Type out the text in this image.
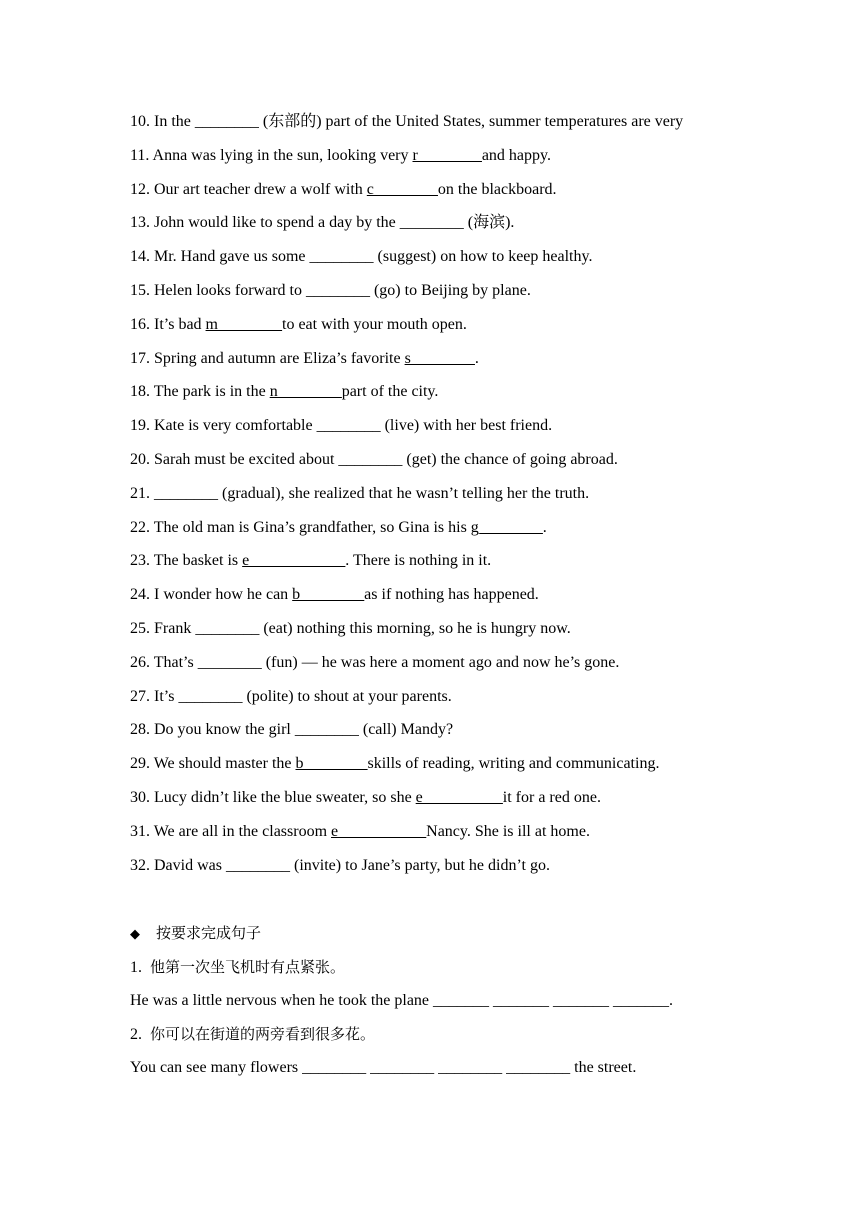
10. In the ________ (东部的) part of the United States, summer temperatures are very
11. Anna was lying in the sun, looking very r________and happy.
12. Our art teacher drew a wolf with c________on the blackboard.
13. John would like to spend a day by the ________ (海滨).
14. Mr. Hand gave us some ________ (suggest) on how to keep healthy.
15. Helen looks forward to ________ (go) to Beijing by plane.
16. It’s bad m________to eat with your mouth open.
17. Spring and autumn are Eliza’s favorite s________.
18. The park is in the n________part of the city.
19. Kate is very comfortable ________ (live) with her best friend.
20. Sarah must be excited about ________ (get) the chance of going abroad.
21. ________ (gradual), she realized that he wasn’t telling her the truth.
22. The old man is Gina’s grandfather, so Gina is his g________.
23. The basket is e____________. There is nothing in it.
24. I wonder how he can b________as if nothing has happened.
25. Frank ________ (eat) nothing this morning, so he is hungry now.
26. That’s ________ (fun) — he was here a moment ago and now he’s gone.
27. It’s ________ (polite) to shout at your parents.
28. Do you know the girl ________ (call) Mandy?
29. We should master the b________skills of reading, writing and communicating.
30. Lucy didn’t like the blue sweater, so she e__________it for a red one.
31. We are all in the classroom e___________Nancy. She is ill at home.
32. David was ________ (invite) to Jane’s party, but he didn’t go.
◆ 按要求完成句子
1. 他第一次坐飞机时有点紧张。
He was a little nervous when he took the plane _______ _______ _______ _______.
2. 你可以在街道的两旁看到很多花。
You can see many flowers ________ ________ ________ ________ the street.
